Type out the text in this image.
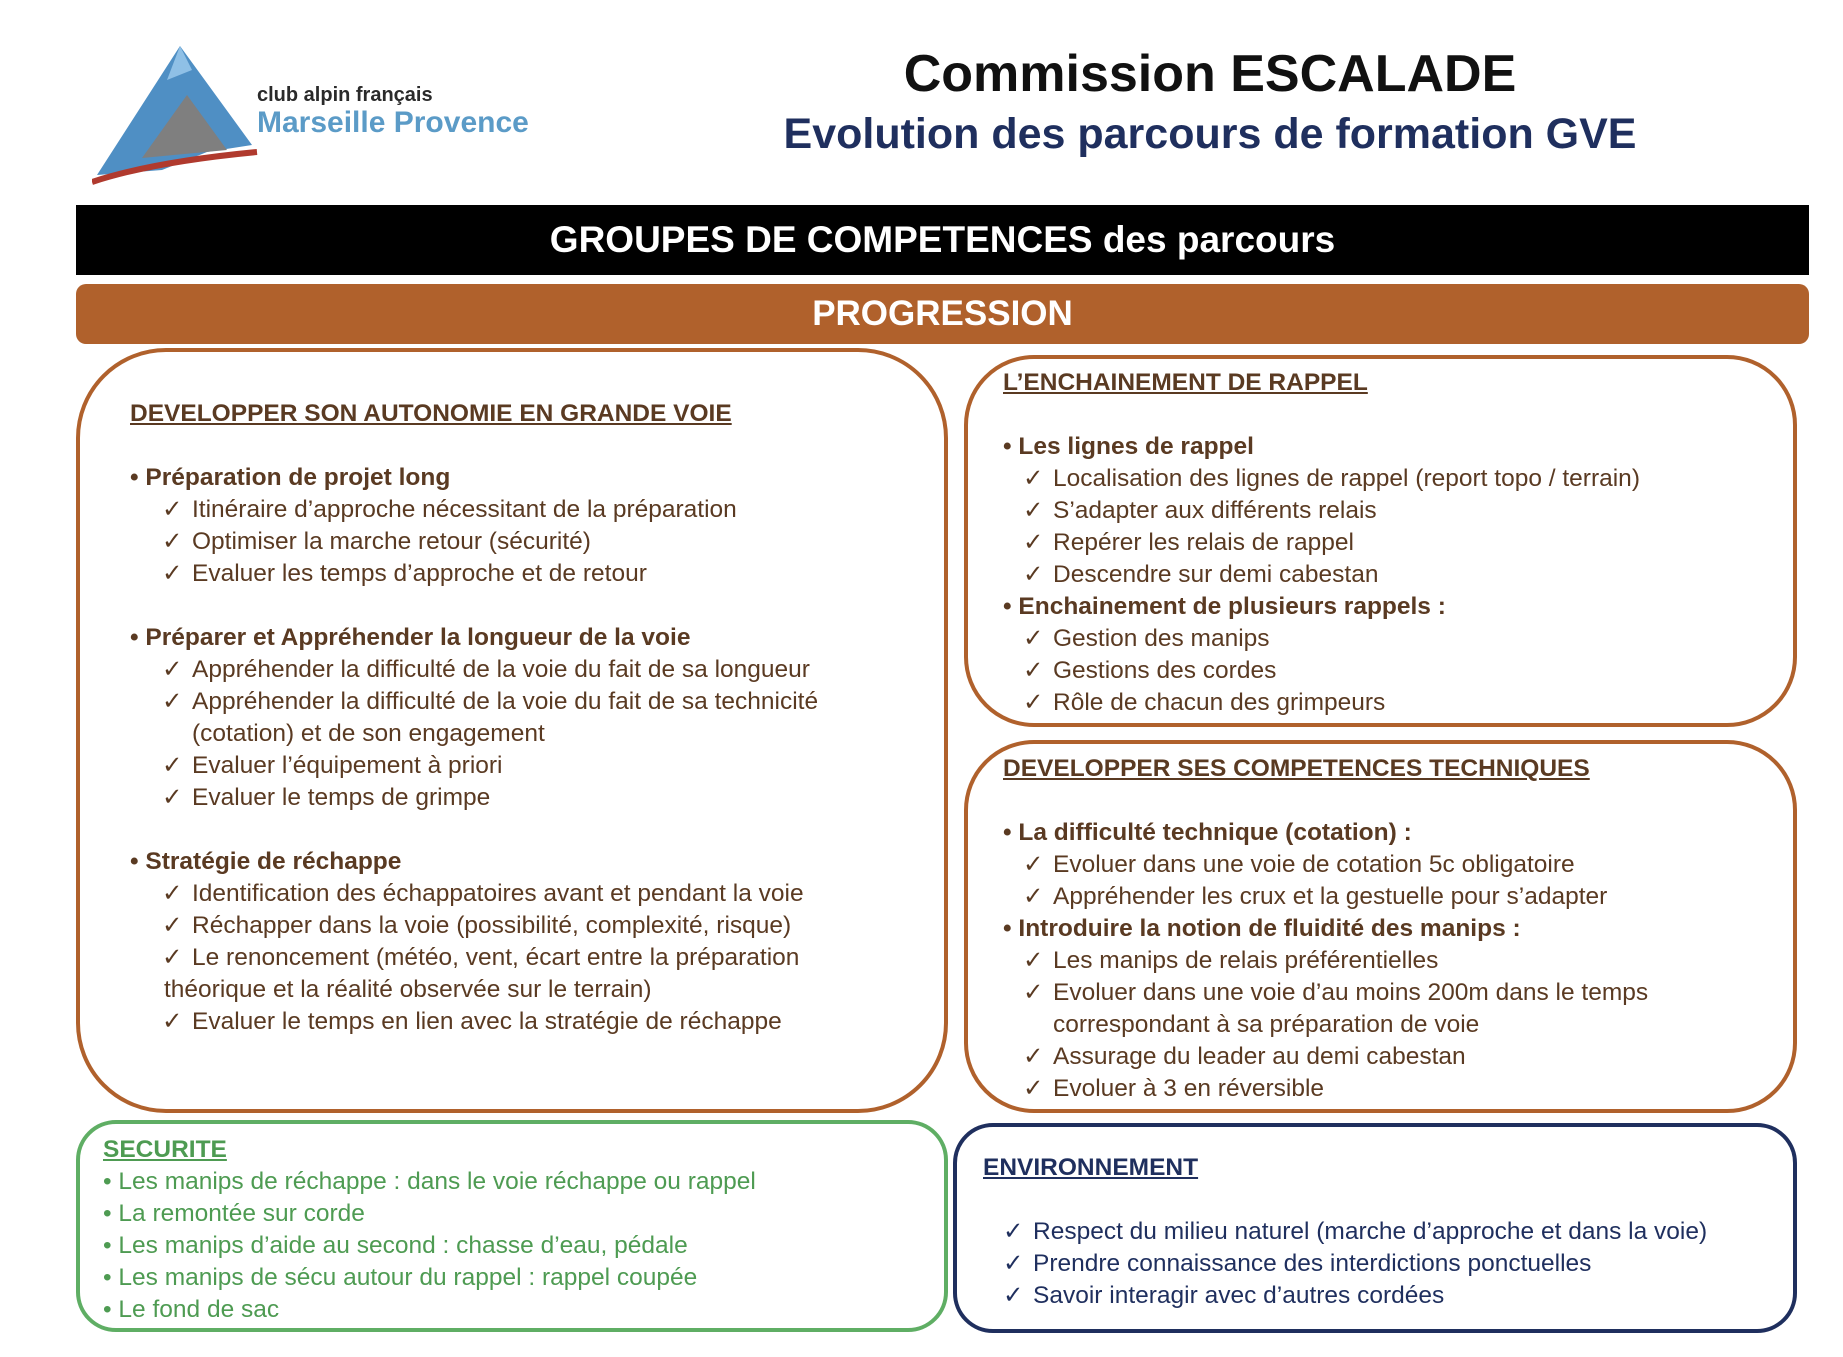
club alpin français
Marseille Provence
Commission ESCALADE
Evolution des parcours de formation GVE
GROUPES DE COMPETENCES des parcours
PROGRESSION

DEVELOPPER SON AUTONOMIE EN GRANDE VOIE

• Préparation de projet long

✓ Itinéraire d’approche nécessitant de la préparation

✓ Optimiser la marche retour (sécurité)

✓ Evaluer les temps d’approche et de retour

• Préparer et Appréhender la longueur de la voie

✓ Appréhender la difficulté de la voie du fait de sa longueur

✓ Appréhender la difficulté de la voie du fait de sa technicité

(cotation) et de son engagement

✓ Evaluer l’équipement à priori

✓ Evaluer le temps de grimpe

• Stratégie de réchappe

✓ Identification des échappatoires avant et pendant la voie

✓ Réchapper dans la voie (possibilité, complexité, risque)

✓ Le renoncement (météo, vent, écart entre la préparation

théorique et la réalité observée sur le terrain)

✓ Evaluer le temps en lien avec la stratégie de réchappe

L’ENCHAINEMENT DE RAPPEL

• Les lignes de rappel

✓ Localisation des lignes de rappel (report topo / terrain)

✓ S’adapter aux différents relais

✓ Repérer les relais de rappel

✓ Descendre sur demi cabestan

• Enchainement de plusieurs rappels :

✓ Gestion des manips

✓ Gestions des cordes

✓ Rôle de chacun des grimpeurs

DEVELOPPER SES COMPETENCES TECHNIQUES

• La difficulté technique (cotation) :

✓ Evoluer dans une voie de cotation 5c obligatoire

✓ Appréhender les crux et la gestuelle pour s’adapter

• Introduire la notion de fluidité des manips :

✓ Les manips de relais préférentielles

✓ Evoluer dans une voie d’au moins 200m dans le temps

correspondant à sa préparation de voie

✓ Assurage du leader au demi cabestan

✓ Evoluer à 3 en réversible

SECURITE

• Les manips de réchappe : dans le voie réchappe ou rappel

• La remontée sur corde

• Les manips d’aide au second : chasse d’eau, pédale

• Les manips de sécu autour du rappel : rappel coupée

• Le fond de sac

ENVIRONNEMENT

✓ Respect du milieu naturel (marche d’approche et dans la voie)

✓ Prendre connaissance des interdictions ponctuelles

✓ Savoir interagir avec d’autres cordées
